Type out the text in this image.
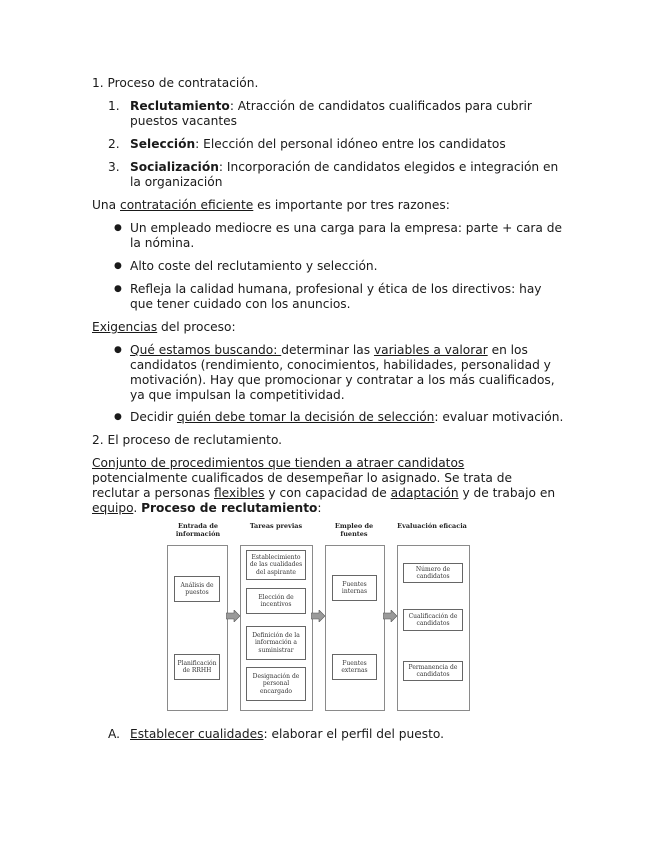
1. Proceso de contratación.
1. Reclutamiento: Atracción de candidatos cualificados para cubrir puestos vacantes
2. Selección: Elección del personal idóneo entre los candidatos
3. Socialización: Incorporación de candidatos elegidos e integración en la organización
Una contratación eficiente es importante por tres razones:
● Un empleado mediocre es una carga para la empresa: parte + cara de la nómina.
● Alto coste del reclutamiento y selección.
● Refleja la calidad humana, profesional y ética de los directivos: hay que tener cuidado con los anuncios.
Exigencias del proceso:
● Qué estamos buscando: determinar las variables a valorar en los candidatos (rendimiento, conocimientos, habilidades, personalidad y motivación). Hay que promocionar y contratar a los más cualificados, ya que impulsan la competitividad.
● Decidir quién debe tomar la decisión de selección: evaluar motivación.
2. El proceso de reclutamiento.
Conjunto de procedimientos que tienden a atraer candidatos potencialmente cualificados de desempeñar lo asignado. Se trata de reclutar a personas flexibles y con capacidad de adaptación y de trabajo en equipo. Proceso de reclutamiento:
Entrada de información
Tareas previas	Empleo de fuentes
Evaluación eficacia
Análisis de puestos
Planificación de RRHH
Establecimiento de las cualidades del aspirante
Elección de incentivos
Definición de la información a suministrar
Designación de personal encargado
Fuentes internas
Fuentes externas
Número de candidatos
Cualificación de candidatos
Permanencia de candidatos
A. Establecer cualidades: elaborar el perfil del puesto.
